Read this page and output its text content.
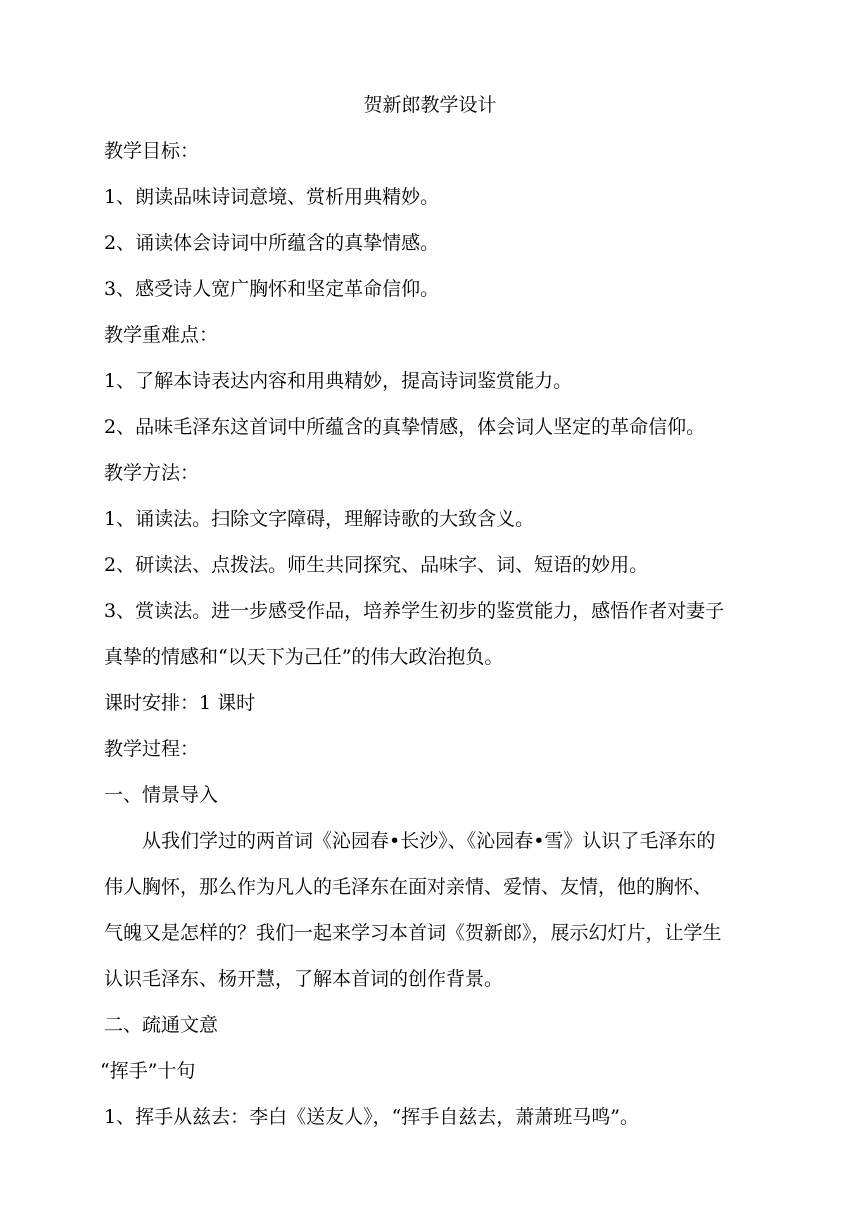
贺新郎教学设计
教学目标：
1、朗读品味诗词意境、赏析用典精妙。
2、诵读体会诗词中所蕴含的真挚情感。
3、感受诗人宽广胸怀和坚定革命信仰。
教学重难点：
1、了解本诗表达内容和用典精妙，提高诗词鉴赏能力。
2、品味毛泽东这首词中所蕴含的真挚情感，体会词人坚定的革命信仰。
教学方法：
1、诵读法。扫除文字障碍，理解诗歌的大致含义。
2、研读法、点拨法。师生共同探究、品味字、词、短语的妙用。
3、赏读法。进一步感受作品，培养学生初步的鉴赏能力，感悟作者对妻子
真挚的情感和“以天下为己任”的伟大政治抱负。
课时安排：1 课时
教学过程：
一、情景导入
从我们学过的两首词《沁园春•长沙》、《沁园春•雪》认识了毛泽东的
伟人胸怀，那么作为凡人的毛泽东在面对亲情、爱情、友情，他的胸怀、
气魄又是怎样的？我们一起来学习本首词《贺新郎》，展示幻灯片，让学生
认识毛泽东、杨开慧，了解本首词的创作背景。
二、疏通文意
“挥手”十句
1、挥手从兹去：李白《送友人》，“挥手自兹去，萧萧班马鸣”。
